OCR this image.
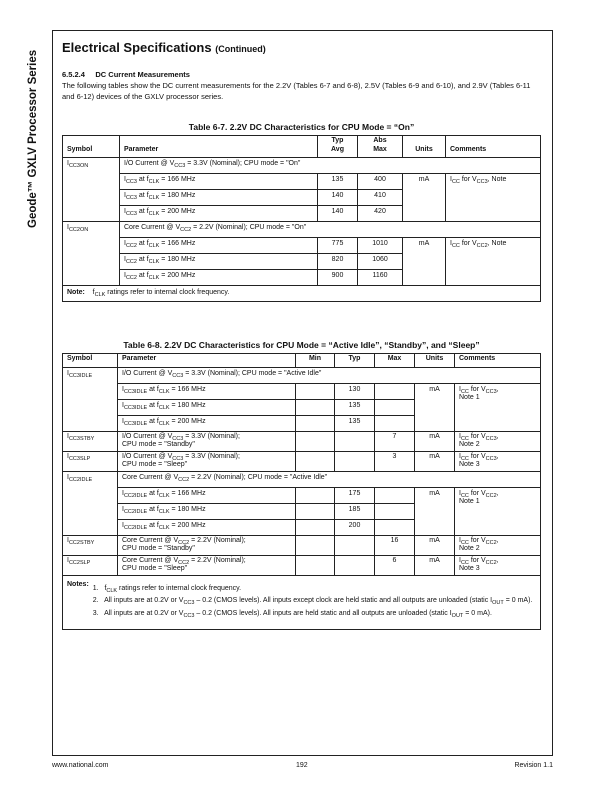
Geode™ GXLV Processor Series
Electrical Specifications (Continued)
6.5.2.4 DC Current Measurements
The following tables show the DC current measurements for the 2.2V (Tables 6-7 and 6-8), 2.5V (Tables 6-9 and 6-10), and 2.9V (Tables 6-11 and 6-12) devices of the GXLV processor series.
Table 6-7. 2.2V DC Characteristics for CPU Mode = “On”
Symbol	Parameter	Typ
Avg	Abs
Max	Units	Comments
$I_{CC3ON}$	I/O Current @ $V_{CC3} = 3.3V$ (Nominal); CPU mode = "On"				
	$I_{CC3}$ at $f_{CLK} = 166$ MHz	135	400	mA	$I_{CC}$ for $V_{CC3}$, Note
	$I_{CC3}$ at $f_{CLK} = 180$ MHz	140	410		
	$I_{CC3}$ at $f_{CLK} = 200$ MHz	140	420		
$I_{CC2ON}$	Core Current @ $V_{CC2} = 2.2V$ (Nominal); CPU mode = "On"				
	$I_{CC2}$ at $f_{CLK} = 166$ MHz	775	1010	mA	$I_{CC}$ for $V_{CC2}$, Note
	$I_{CC2}$ at $f_{CLK} = 180$ MHz	820	1060		
	$I_{CC2}$ at $f_{CLK} = 200$ MHz	900	1160		
Note:    $f_{CLK}$ ratings refer to internal clock frequency.					
Table 6-8. 2.2V DC Characteristics for CPU Mode = “Active Idle”, “Standby”, and “Sleep”
Symbol	Parameter	Min	Typ	Max	Units	Comments
$I_{CC3IDLE}$	I/O Current @ $V_{CC3} = 3.3V$ (Nominal); CPU mode = "Active Idle"					
	$I_{CC3IDLE}$ at $f_{CLK} = 166$ MHz		130		mA	$I_{CC}$ for $V_{CC3}$,
Note 1
	$I_{CC3IDLE}$ at $f_{CLK} = 180$ MHz		135			
	$I_{CC3IDLE}$ at $f_{CLK} = 200$ MHz		135			
$I_{CC3STBY}$	I/O Current @ $V_{CC3} = 3.3V$ (Nominal);
CPU mode = "Standby"			7	mA	$I_{CC}$ for $V_{CC3}$,
Note 2
$I_{CC3SLP}$	I/O Current @ $V_{CC3} = 3.3V$ (Nominal);
CPU mode = "Sleep"			3	mA	$I_{CC}$ for $V_{CC3}$,
Note 3
$I_{CC2IDLE}$	Core Current @ $V_{CC2} = 2.2V$ (Nominal); CPU mode = "Active Idle"					
	$I_{CC2IDLE}$ at $f_{CLK} = 166$ MHz		175		mA	$I_{CC}$ for $V_{CC2}$,
Note 1
	$I_{CC2IDLE}$ at $f_{CLK} = 180$ MHz		185			
	$I_{CC2IDLE}$ at $f_{CLK} = 200$ MHz		200			
$I_{CC2STBY}$	Core Current @ $V_{CC2} = 2.2V$ (Nominal);
CPU mode = "Standby"			16	mA	$I_{CC}$ for $V_{CC2}$,
Note 2
$I_{CC2SLP}$	Core Current @ $V_{CC2} = 2.2V$ (Nominal);
CPU mode = "Sleep"			6	mA	$I_{CC}$ for $V_{CC2}$,
Note 3

Notes:
1.   $f_{CLK}$ ratings refer to internal clock frequency.
2.   All inputs are at 0.2V or $V_{CC3} - 0.2$ (CMOS levels). All inputs except clock are held static and all outputs are unloaded (static $I_{OUT} = 0$ mA).
3.   All inputs are at 0.2V or $V_{CC3} - 0.2$ (CMOS levels). All inputs are held static and all outputs are unloaded (static $I_{OUT} = 0$ mA).						
www.national.com	192	Revision 1.1
